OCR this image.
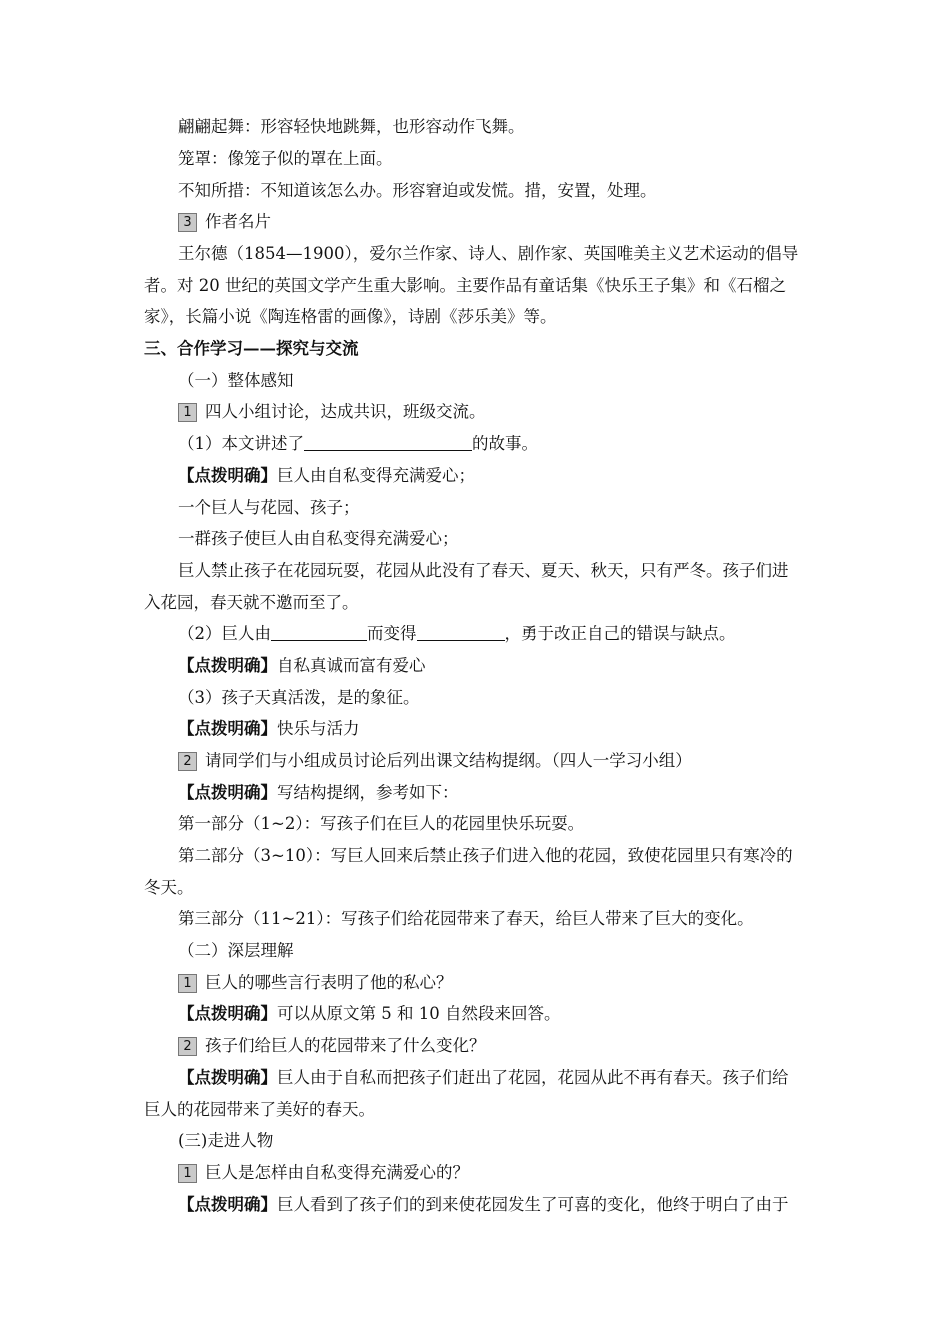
翩翩起舞：形容轻快地跳舞，也形容动作飞舞。
笼罩：像笼子似的罩在上面。
不知所措：不知道该怎么办。形容窘迫或发慌。措，安置，处理。
3 作者名片
王尔德（1854—1900），爱尔兰作家、诗人、剧作家、英国唯美主义艺术运动的倡导
者。对 20 世纪的英国文学产生重大影响。主要作品有童话集《快乐王子集》和《石榴之
家》，长篇小说《陶连格雷的画像》，诗剧《莎乐美》等。
三、合作学习——探究与交流
（一）整体感知
1 四人小组讨论，达成共识，班级交流。
（1）本文讲述了	的故事。
【点拨明确】巨人由自私变得充满爱心；
一个巨人与花园、孩子；
一群孩子使巨人由自私变得充满爱心；
巨人禁止孩子在花园玩耍，花园从此没有了春天、夏天、秋天，只有严冬。孩子们进
入花园，春天就不邀而至了。
（2）巨人由	而变得	，勇于改正自己的错误与缺点。
【点拨明确】自私真诚而富有爱心
（3）孩子天真活泼，是的象征。
【点拨明确】快乐与活力
2 请同学们与小组成员讨论后列出课文结构提纲。（四人一学习小组）
【点拨明确】写结构提纲，参考如下：
第一部分（1~2）：写孩子们在巨人的花园里快乐玩耍。
第二部分（3~10）：写巨人回来后禁止孩子们进入他的花园，致使花园里只有寒冷的
冬天。
第三部分（11~21）：写孩子们给花园带来了春天，给巨人带来了巨大的变化。
（二）深层理解
1 巨人的哪些言行表明了他的私心？
【点拨明确】可以从原文第 5 和 10 自然段来回答。
2 孩子们给巨人的花园带来了什么变化？
【点拨明确】巨人由于自私而把孩子们赶出了花园，花园从此不再有春天。孩子们给
巨人的花园带来了美好的春天。
(三)走进人物
1 巨人是怎样由自私变得充满爱心的？
【点拨明确】巨人看到了孩子们的到来使花园发生了可喜的变化，他终于明白了由于
